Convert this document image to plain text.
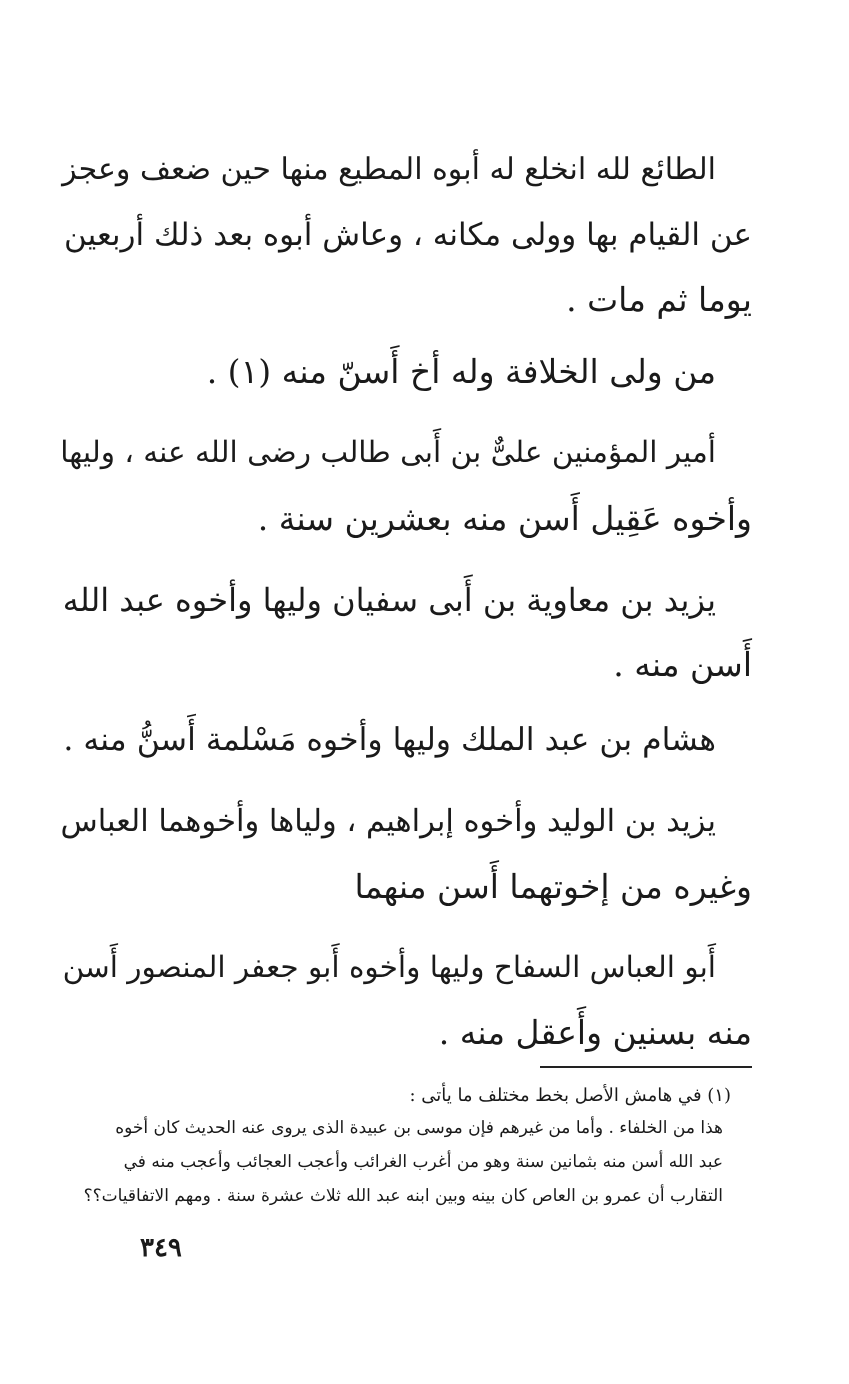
الطائع لله انخلع له أبوه المطيع منها حين ضعف وعجز
عن القيام بها وولى مكانه ، وعاش أبوه بعد ذلك أربعين
يوما ثم مات .
من ولى الخلافة وله أخ أَسنّ منه (١) .
أمير المؤمنين علىٌّ بن أَبى طالب رضى الله عنه ، وليها
وأخوه عَقِيل أَسن منه بعشرين سنة .
يزيد بن معاوية بن أَبى سفيان وليها وأخوه عبد الله
أَسن منه .
هشام بن عبد الملك وليها وأخوه مَسْلمة أَسنُّ منه .
يزيد بن الوليد وأخوه إبراهيم ، ولياها وأخوهما العباس
وغيره من إخوتهما أَسن منهما
أَبو العباس السفاح وليها وأخوه أَبو جعفر المنصور أَسن
منه بسنين وأَعقل منه .
(١) في هامش الأصل بخط مختلف ما يأتى :
هذا من الخلفاء . وأما من غيرهم فإن موسى بن عبيدة الذى يروى عنه الحديث كان أخوه
عبد الله أسن منه بثمانين سنة وهو من أغرب الغرائب وأعجب العجائب وأعجب منه في
التقارب أن عمرو بن العاص كان بينه وبين ابنه عبد الله ثلاث عشرة سنة . ومهم الاتفاقيات؟؟
٣٤٩
